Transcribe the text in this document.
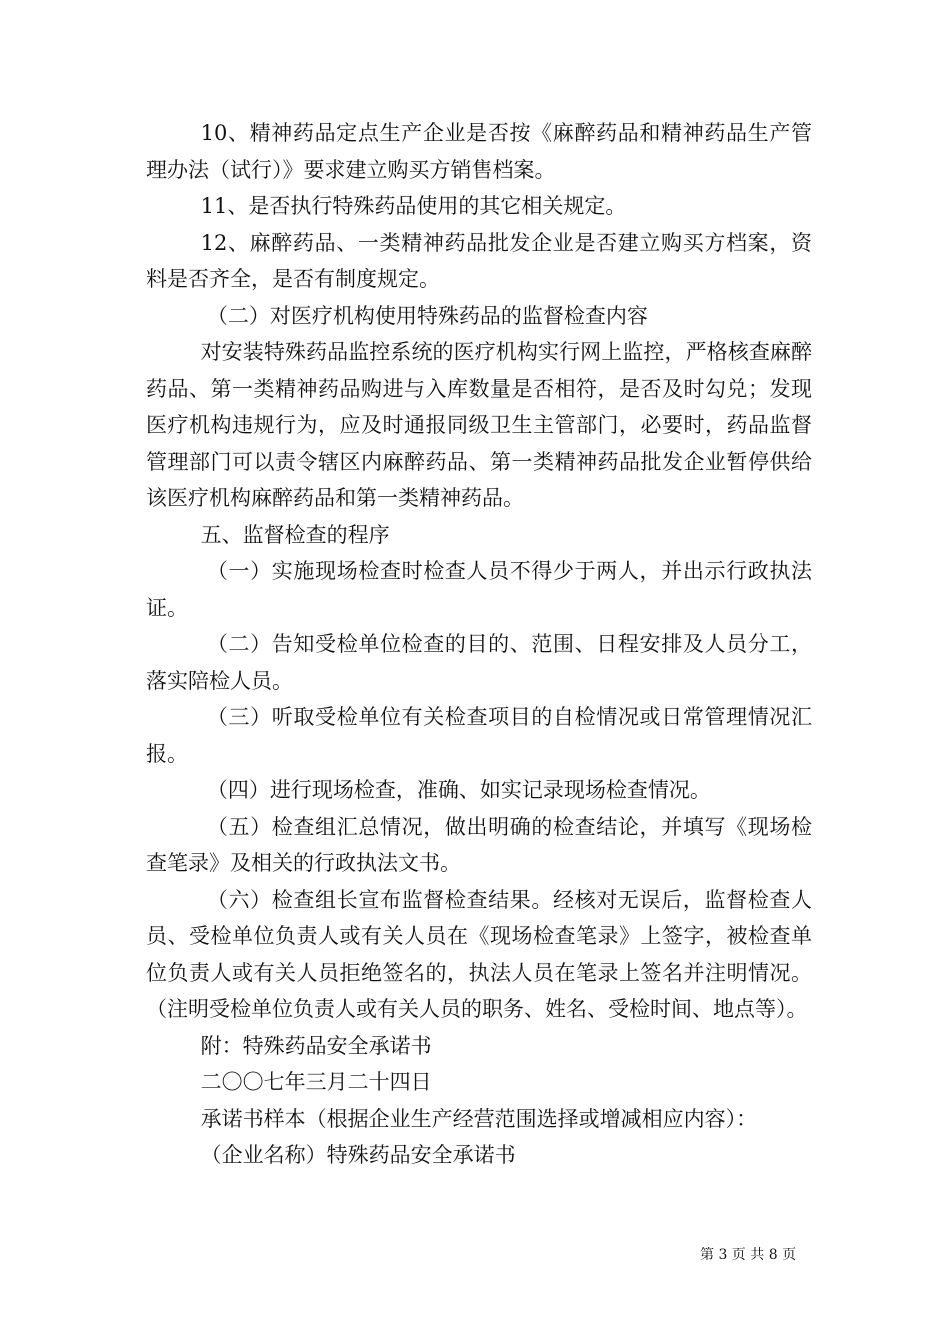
10、精神药品定点生产企业是否按《麻醉药品和精神药品生产管理办法（试行）》要求建立购买方销售档案。

11、是否执行特殊药品使用的其它相关规定。

12、麻醉药品、一类精神药品批发企业是否建立购买方档案，资料是否齐全，是否有制度规定。

（二）对医疗机构使用特殊药品的监督检查内容

对安装特殊药品监控系统的医疗机构实行网上监控，严格核查麻醉药品、第一类精神药品购进与入库数量是否相符，是否及时勾兑；发现医疗机构违规行为，应及时通报同级卫生主管部门，必要时，药品监督管理部门可以责令辖区内麻醉药品、第一类精神药品批发企业暂停供给该医疗机构麻醉药品和第一类精神药品。

五、监督检查的程序

（一）实施现场检查时检查人员不得少于两人，并出示行政执法证。

（二）告知受检单位检查的目的、范围、日程安排及人员分工，落实陪检人员。

（三）听取受检单位有关检查项目的自检情况或日常管理情况汇报。

（四）进行现场检查，准确、如实记录现场检查情况。

（五）检查组汇总情况，做出明确的检查结论，并填写《现场检查笔录》及相关的行政执法文书。

（六）检查组长宣布监督检查结果。经核对无误后，监督检查人员、受检单位负责人或有关人员在《现场检查笔录》上签字，被检查单位负责人或有关人员拒绝签名的，执法人员在笔录上签名并注明情况。（注明受检单位负责人或有关人员的职务、姓名、受检时间、地点等）。

附：特殊药品安全承诺书

二〇〇七年三月二十四日

承诺书样本（根据企业生产经营范围选择或增减相应内容）：

（企业名称）特殊药品安全承诺书

第 3 页 共 8 页
